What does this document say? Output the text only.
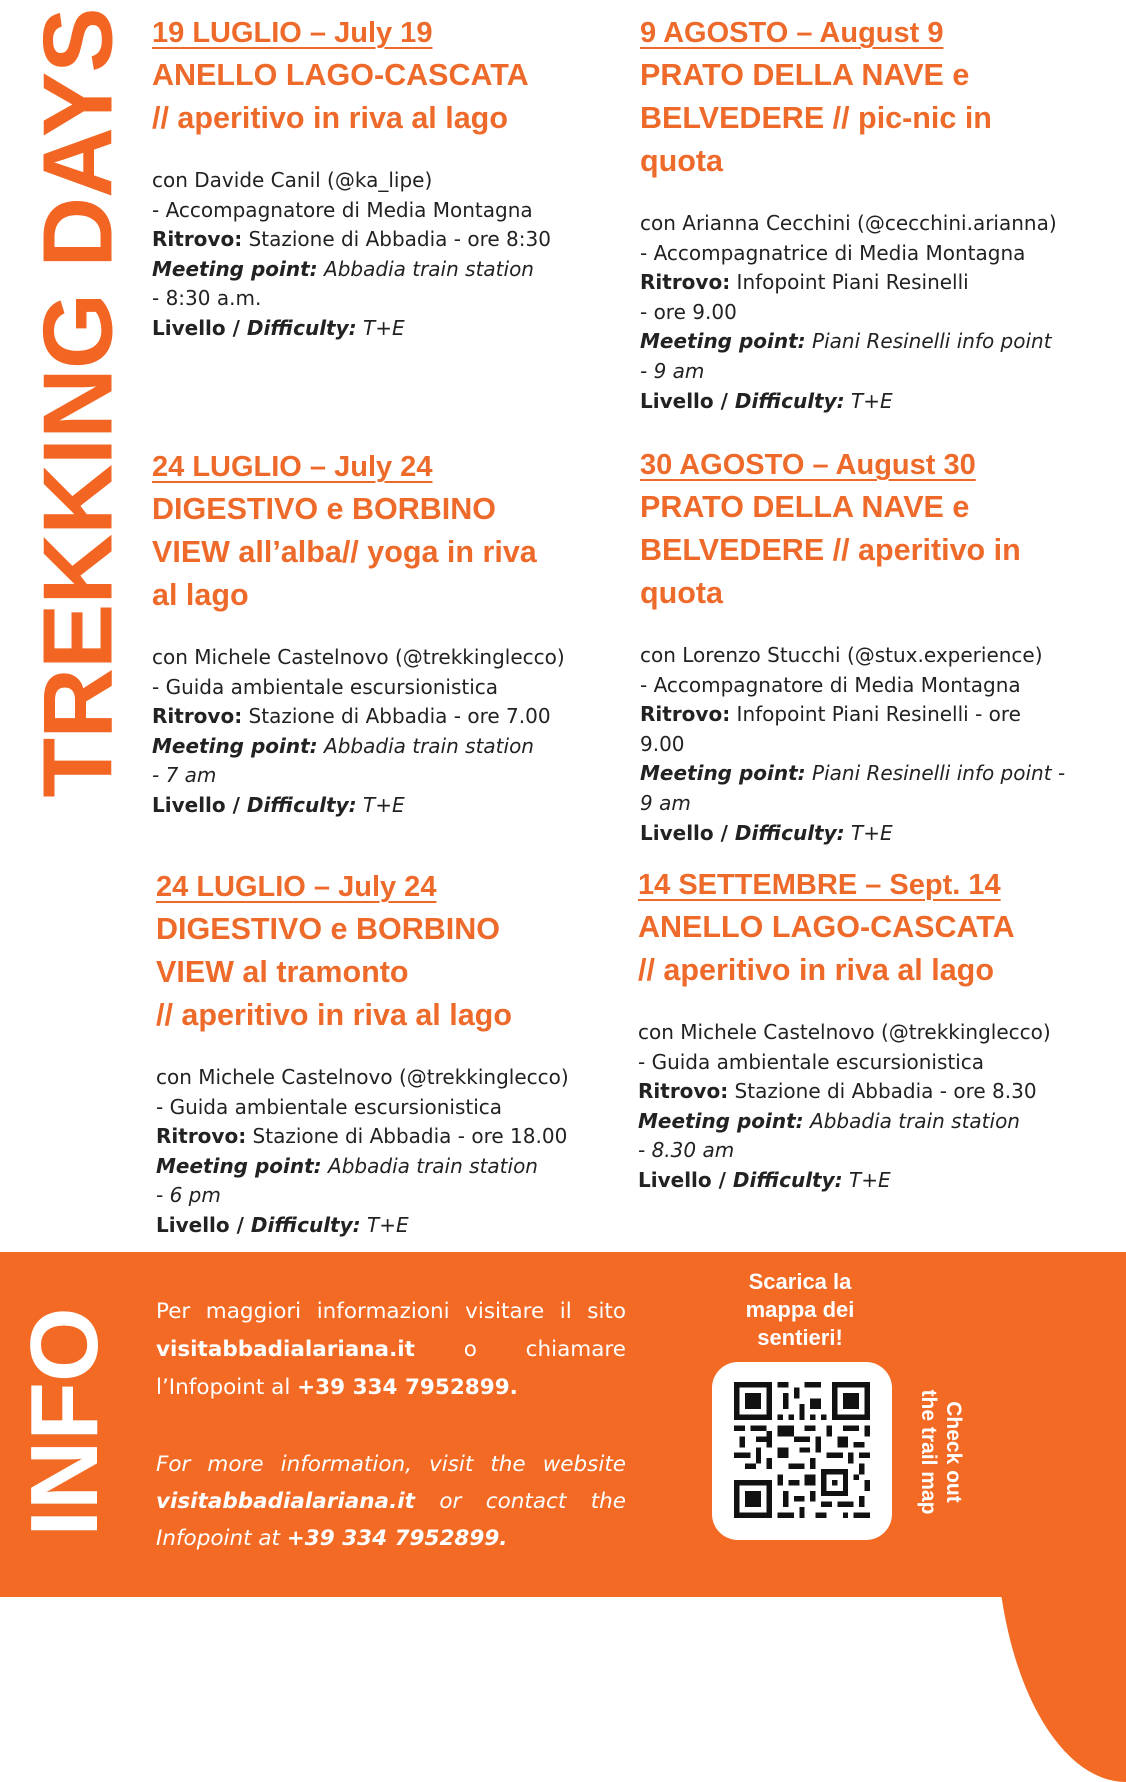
TREKKING DAYS 19 LUGLIO – July 19
ANELLO LAGO-CASCATA
// aperitivo in riva al lago
con Davide Canil (@ka_lipe)
- Accompagnatore di Media Montagna
Ritrovo: Stazione di Abbadia - ore 8:30
Meeting point: Abbadia train station
- 8:30 a.m.
Livello / Difficulty: T+E
9 AGOSTO – August 9
PRATO DELLA NAVE e
BELVEDERE // pic-nic in
quota
con Arianna Cecchini (@cecchini.arianna)
- Accompagnatrice di Media Montagna
Ritrovo: Infopoint Piani Resinelli
- ore 9.00
Meeting point: Piani Resinelli info point
- 9 am
Livello / Difficulty: T+E
24 LUGLIO – July 24
DIGESTIVO e BORBINO
VIEW all’alba// yoga in riva
al lago
con Michele Castelnovo (@trekkinglecco)
- Guida ambientale escursionistica
Ritrovo: Stazione di Abbadia - ore 7.00
Meeting point: Abbadia train station
- 7 am
Livello / Difficulty: T+E
30 AGOSTO – August 30
PRATO DELLA NAVE e
BELVEDERE // aperitivo in
quota
con Lorenzo Stucchi (@stux.experience)
- Accompagnatore di Media Montagna
Ritrovo: Infopoint Piani Resinelli - ore
9.00
Meeting point: Piani Resinelli info point -
9 am
Livello / Difficulty: T+E
24 LUGLIO – July 24
DIGESTIVO e BORBINO
VIEW al tramonto
// aperitivo in riva al lago
con Michele Castelnovo (@trekkinglecco)
- Guida ambientale escursionistica
Ritrovo: Stazione di Abbadia - ore 18.00
Meeting point: Abbadia train station
- 6 pm
Livello / Difficulty: T+E
14 SETTEMBRE – Sept. 14
ANELLO LAGO-CASCATA
// aperitivo in riva al lago
con Michele Castelnovo (@trekkinglecco)
- Guida ambientale escursionistica
Ritrovo: Stazione di Abbadia - ore 8.30
Meeting point: Abbadia train station
- 8.30 am
Livello / Difficulty: T+E
INFO Per maggiori informazioni visitare il sito visitabbadialariana.it o chiamare l’Infopoint al +39 334 7952899.
For more information, visit the website visitabbadialariana.it or contact the Infopoint at +39 334 7952899.
Scarica la
mappa dei
sentieri!
Check out
the trail map
